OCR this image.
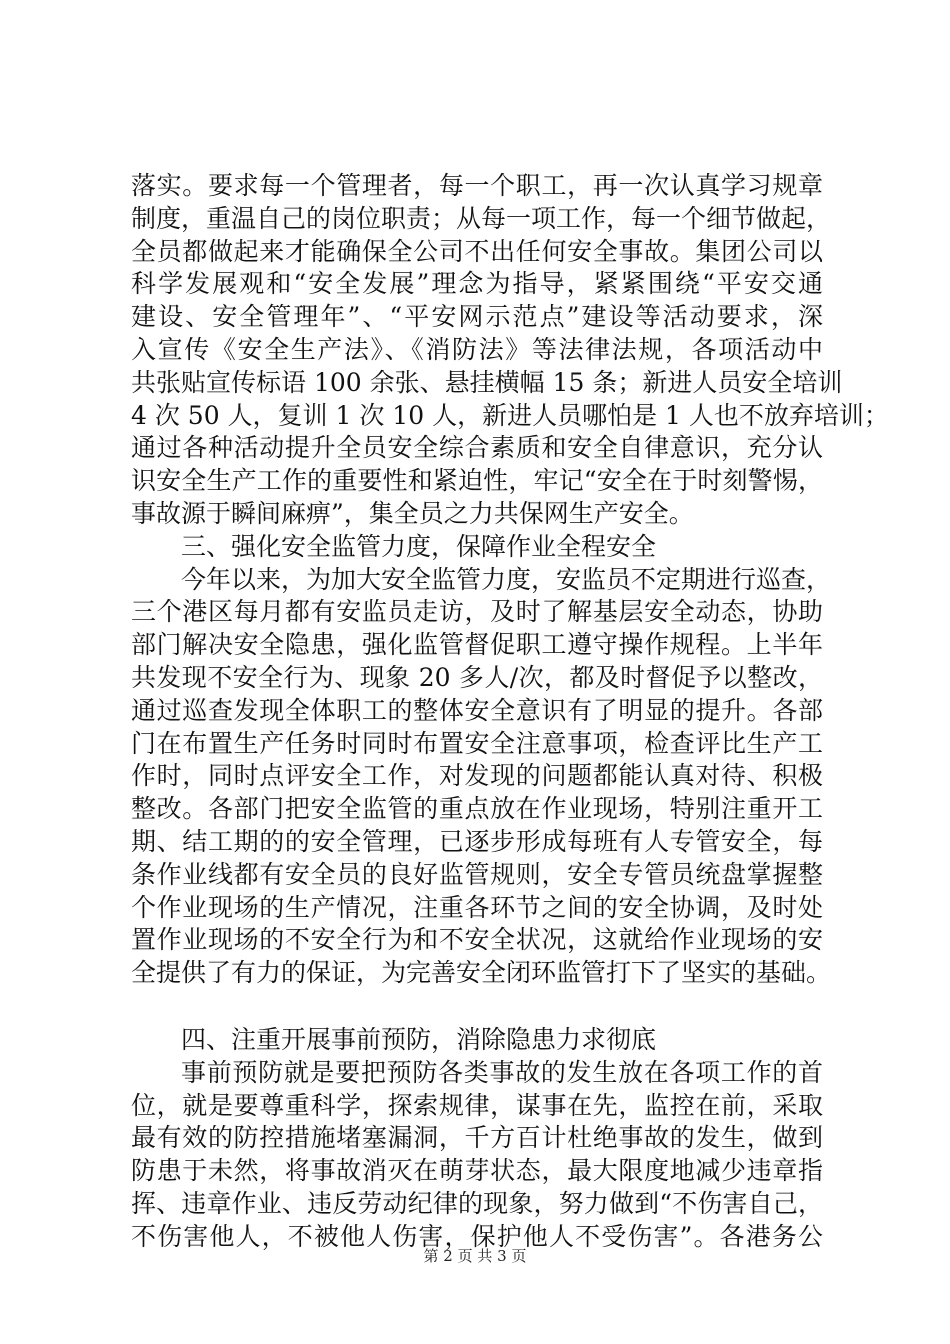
落实。要求每一个管理者，每一个职工，再一次认真学习规章
制度，重温自己的岗位职责；从每一项工作，每一个细节做起，
全员都做起来才能确保全公司不出任何安全事故。集团公司以
科学发展观和“安全发展”理念为指导，紧紧围绕“平安交通
建设、安全管理年”、“平安网示范点”建设等活动要求，深
入宣传《安全生产法》、《消防法》等法律法规，各项活动中
共张贴宣传标语 100 余张、悬挂横幅 15 条；新进人员安全培训
4 次 50 人，复训 1 次 10 人，新进人员哪怕是 1 人也不放弃培训；
通过各种活动提升全员安全综合素质和安全自律意识，充分认
识安全生产工作的重要性和紧迫性，牢记“安全在于时刻警惕，
事故源于瞬间麻痹”，集全员之力共保网生产安全。
三、强化安全监管力度，保障作业全程安全
今年以来，为加大安全监管力度，安监员不定期进行巡查，
三个港区每月都有安监员走访，及时了解基层安全动态，协助
部门解决安全隐患，强化监管督促职工遵守操作规程。上半年
共发现不安全行为、现象 20 多人/次，都及时督促予以整改，
通过巡查发现全体职工的整体安全意识有了明显的提升。各部
门在布置生产任务时同时布置安全注意事项，检查评比生产工
作时，同时点评安全工作，对发现的问题都能认真对待、积极
整改。各部门把安全监管的重点放在作业现场，特别注重开工
期、结工期的的安全管理，已逐步形成每班有人专管安全，每
条作业线都有安全员的良好监管规则，安全专管员统盘掌握整
个作业现场的生产情况，注重各环节之间的安全协调，及时处
置作业现场的不安全行为和不安全状况，这就给作业现场的安
全提供了有力的保证，为完善安全闭环监管打下了坚实的基础。
四、注重开展事前预防，消除隐患力求彻底
事前预防就是要把预防各类事故的发生放在各项工作的首
位，就是要尊重科学，探索规律，谋事在先，监控在前，采取
最有效的防控措施堵塞漏洞，千方百计杜绝事故的发生，做到
防患于未然，将事故消灭在萌芽状态，最大限度地减少违章指
挥、违章作业、违反劳动纪律的现象，努力做到“不伤害自己，
不伤害他人，不被他人伤害，保护他人不受伤害”。各港务公
第 2 页 共 3 页
